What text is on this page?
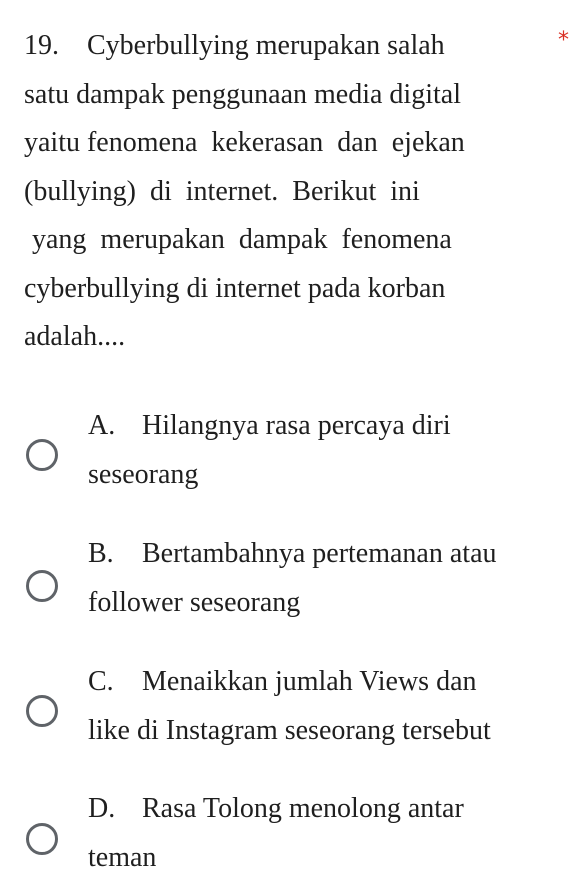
19.	Cyberbullying merupakan salah
satu dampak penggunaan media digital
yaitu fenomena  kekerasan  dan  ejekan
(bullying)  di  internet.  Berikut  ini
yang  merupakan  dampak  fenomena
cyberbullying di internet pada korban
adalah....
*
A. Hilangnya rasa percaya diri
seseorang
B. Bertambahnya pertemanan atau
follower seseorang
C. Menaikkan jumlah Views dan
like di Instagram seseorang tersebut
D. Rasa Tolong menolong antar
teman
